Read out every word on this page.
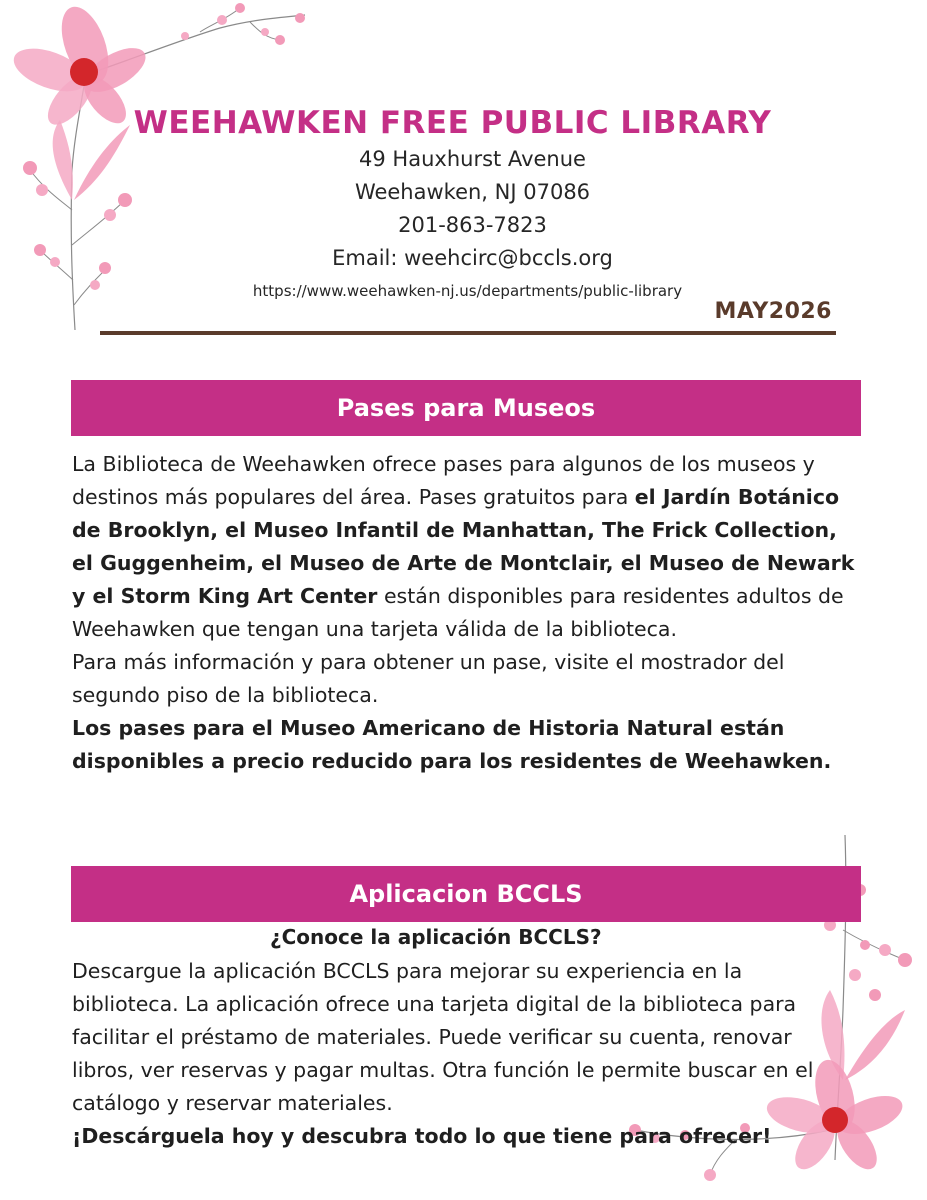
WEEHAWKEN FREE PUBLIC LIBRARY
49 Hauxhurst Avenue
Weehawken, NJ 07086
201-863-7823
Email: weehcirc@bccls.org
https://www.weehawken-nj.us/departments/public-library
MAY2026
Pases para Museos

La Biblioteca de Weehawken ofrece pases para algunos de los museos y destinos más populares del área. Pases gratuitos para el Jardín Botánico de Brooklyn, el Museo Infantil de Manhattan, The Frick Collection, el Guggenheim, el Museo de Arte de Montclair, el Museo de Newark y el Storm King Art Center están disponibles para residentes adultos de Weehawken que tengan una tarjeta válida de la biblioteca.

Para más información y para obtener un pase, visite el mostrador del segundo piso de la biblioteca.

Los pases para el Museo Americano de Historia Natural están disponibles a precio reducido para los residentes de Weehawken.

Aplicacion BCCLS
¿Conoce la aplicación BCCLS?

Descargue la aplicación BCCLS para mejorar su experiencia en la biblioteca. La aplicación ofrece una tarjeta digital de la biblioteca para facilitar el préstamo de materiales. Puede verificar su cuenta, renovar libros, ver reservas y pagar multas. Otra función le permite buscar en el catálogo y reservar materiales.

¡Descárguela hoy y descubra todo lo que tiene para ofrecer!
